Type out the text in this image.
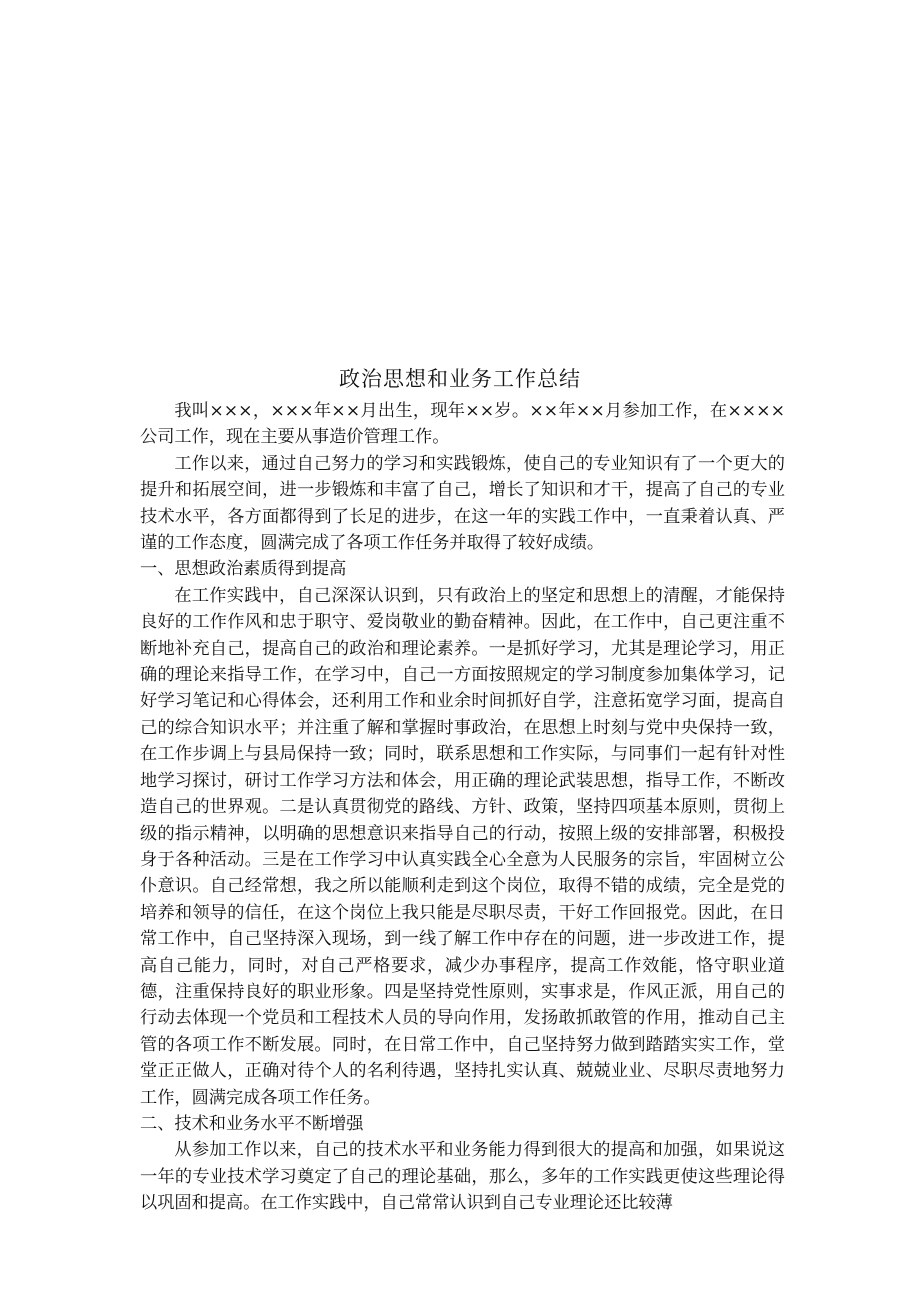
政治思想和业务工作总结

我叫×××，×××年××月出生，现年××岁。××年××月参加工作，在××××公司工作，现在主要从事造价管理工作。

工作以来，通过自己努力的学习和实践锻炼，使自己的专业知识有了一个更大的提升和拓展空间，进一步锻炼和丰富了自己，增长了知识和才干，提高了自己的专业技术水平，各方面都得到了长足的进步，在这一年的实践工作中，一直秉着认真、严谨的工作态度，圆满完成了各项工作任务并取得了较好成绩。

一、思想政治素质得到提高

在工作实践中，自己深深认识到，只有政治上的坚定和思想上的清醒，才能保持良好的工作作风和忠于职守、爱岗敬业的勤奋精神。因此，在工作中，自己更注重不断地补充自己，提高自己的政治和理论素养。一是抓好学习，尤其是理论学习，用正确的理论来指导工作，在学习中，自己一方面按照规定的学习制度参加集体学习，记好学习笔记和心得体会，还利用工作和业余时间抓好自学，注意拓宽学习面，提高自己的综合知识水平；并注重了解和掌握时事政治，在思想上时刻与党中央保持一致，在工作步调上与县局保持一致；同时，联系思想和工作实际，与同事们一起有针对性地学习探讨，研讨工作学习方法和体会，用正确的理论武装思想，指导工作，不断改造自己的世界观。二是认真贯彻党的路线、方针、政策，坚持四项基本原则，贯彻上级的指示精神，以明确的思想意识来指导自己的行动，按照上级的安排部署，积极投身于各种活动。三是在工作学习中认真实践全心全意为人民服务的宗旨，牢固树立公仆意识。自己经常想，我之所以能顺利走到这个岗位，取得不错的成绩，完全是党的培养和领导的信任，在这个岗位上我只能是尽职尽责，干好工作回报党。因此，在日常工作中，自己坚持深入现场，到一线了解工作中存在的问题，进一步改进工作，提高自己能力，同时，对自己严格要求，减少办事程序，提高工作效能，恪守职业道德，注重保持良好的职业形象。四是坚持党性原则，实事求是，作风正派，用自己的行动去体现一个党员和工程技术人员的导向作用，发扬敢抓敢管的作用，推动自己主管的各项工作不断发展。同时，在日常工作中，自己坚持努力做到踏踏实实工作，堂堂正正做人，正确对待个人的名利待遇，坚持扎实认真、兢兢业业、尽职尽责地努力工作，圆满完成各项工作任务。

二、技术和业务水平不断增强

从参加工作以来，自己的技术水平和业务能力得到很大的提高和加强，如果说这一年的专业技术学习奠定了自己的理论基础，那么，多年的工作实践更使这些理论得以巩固和提高。在工作实践中，自己常常认识到自己专业理论还比较薄
